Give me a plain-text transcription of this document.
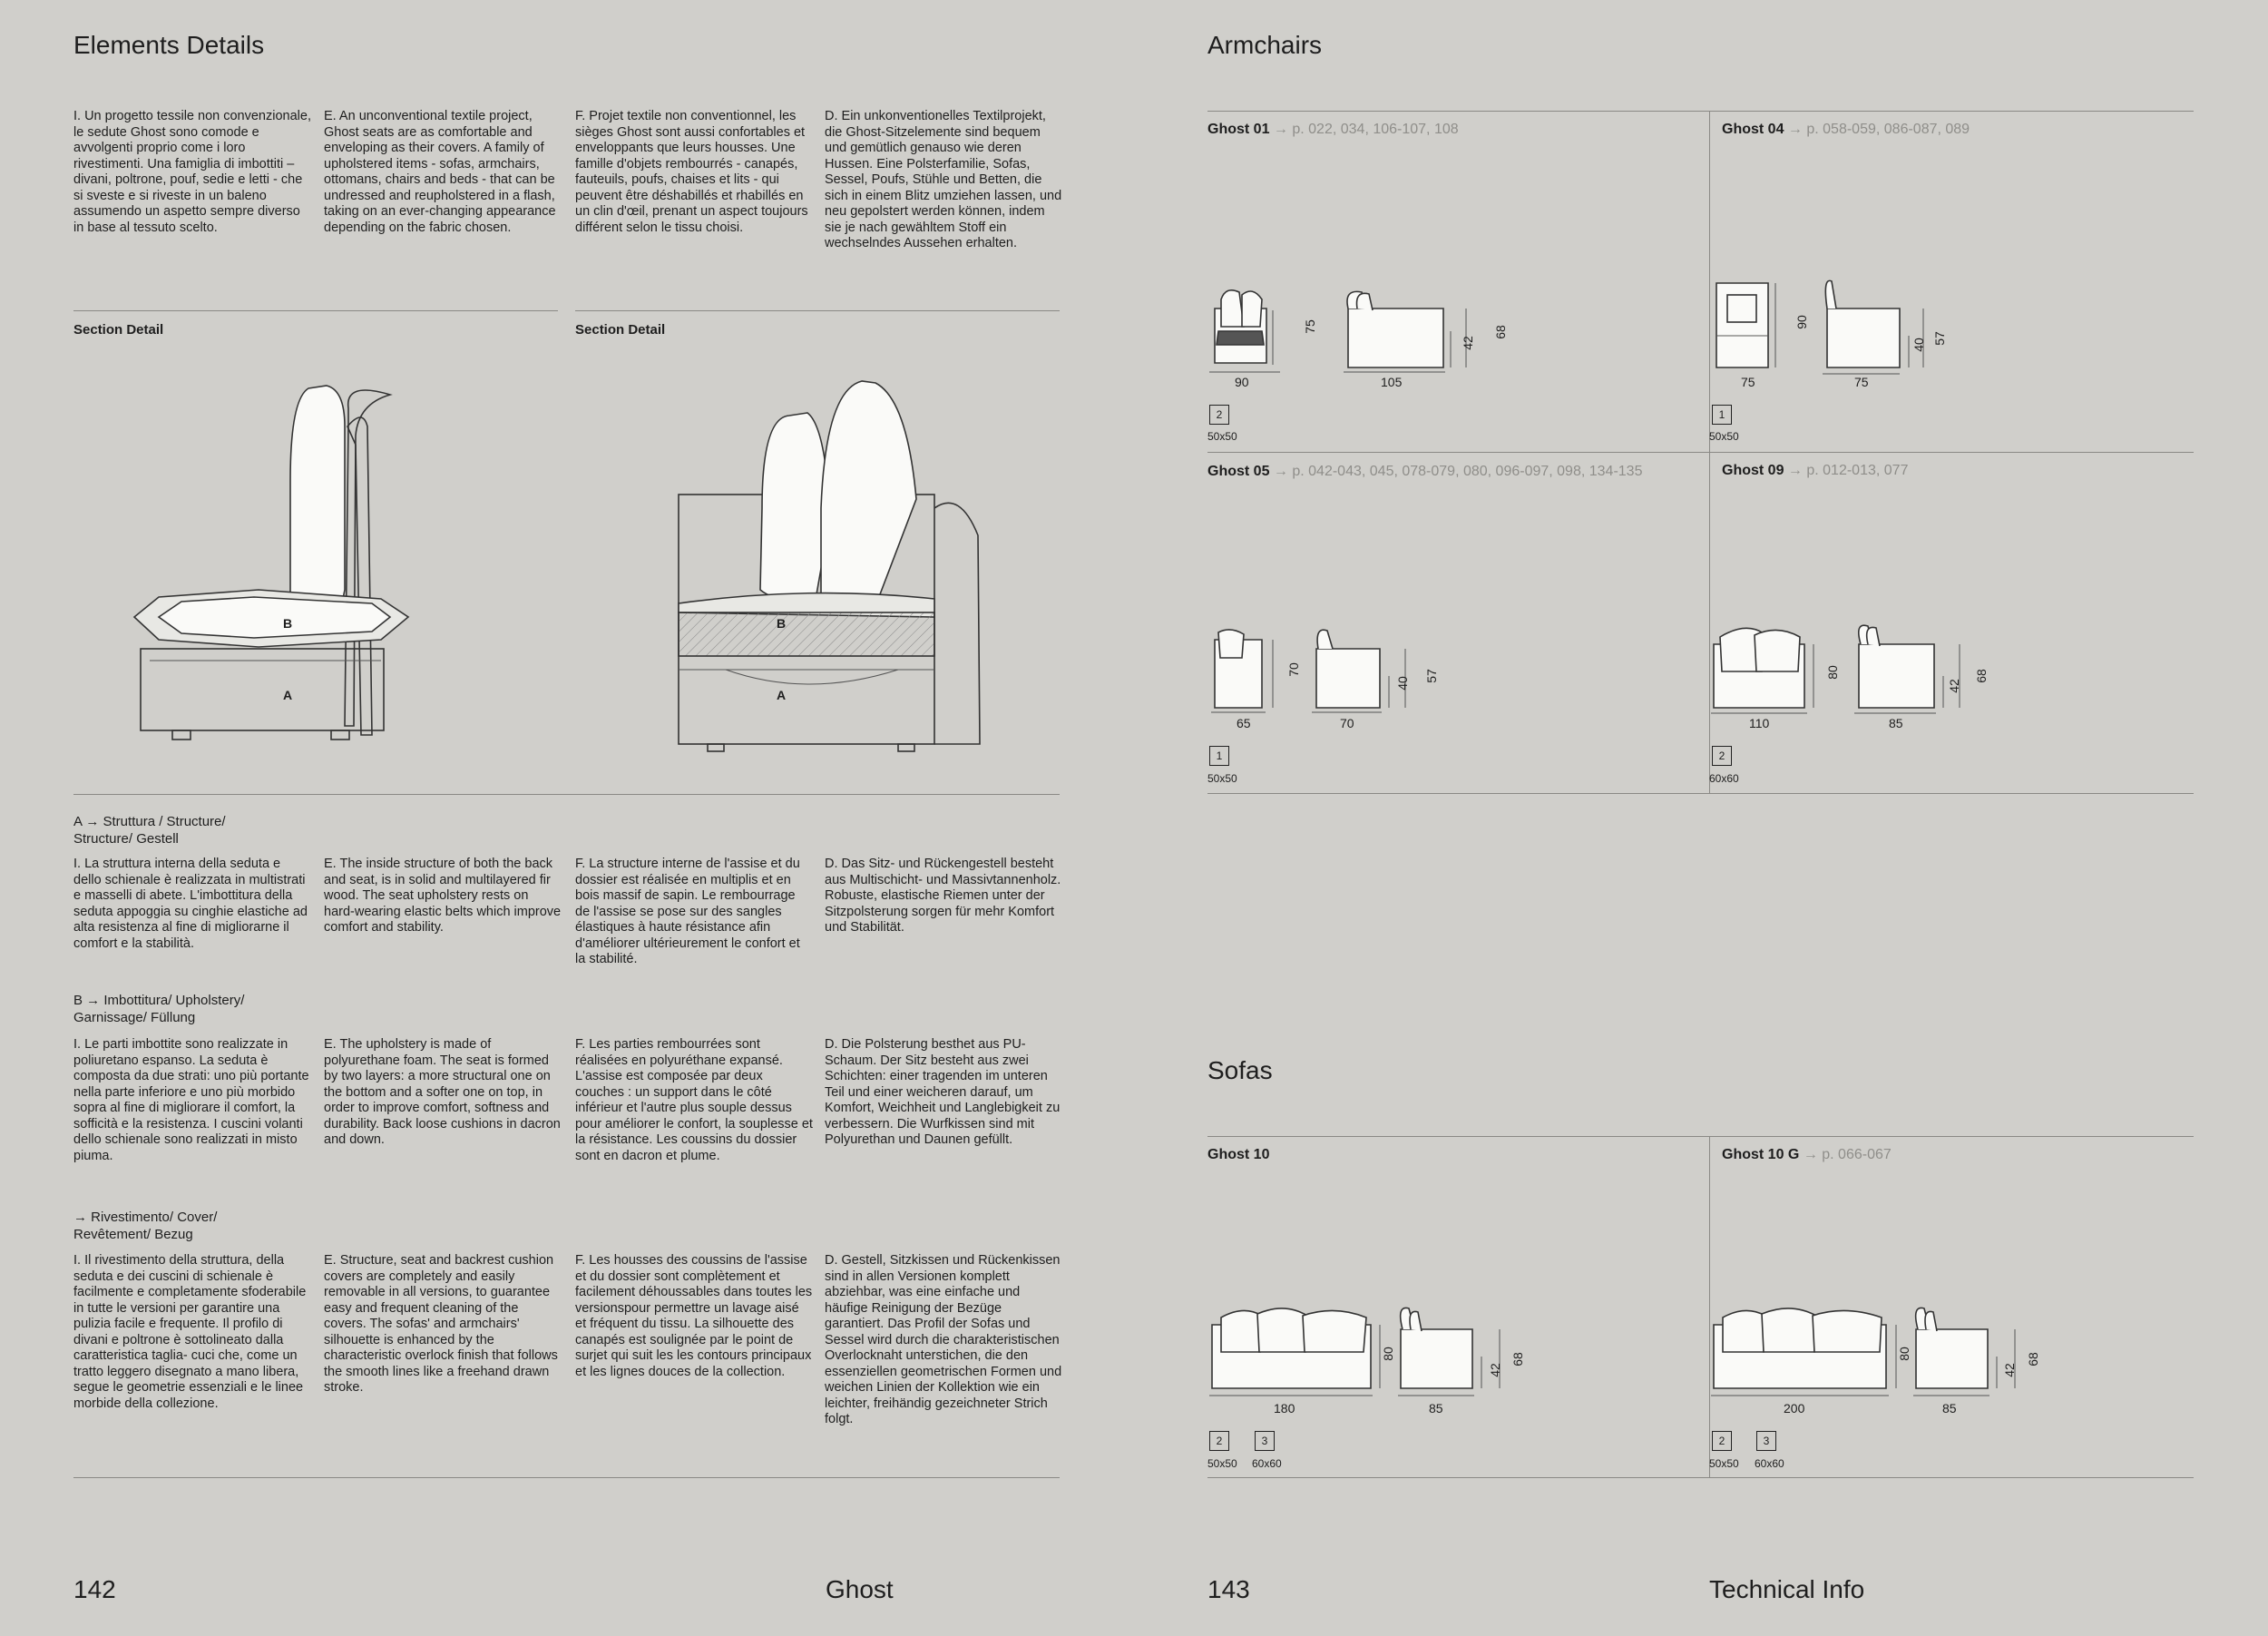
Elements Details
I. Un progetto tessile non convenzionale, le sedute Ghost sono comode e avvolgenti proprio come i loro rivestimenti. Una famiglia di imbottiti – divani, poltrone, pouf, sedie e letti - che si sveste e si riveste in un baleno assumendo un aspetto sempre diverso in base al tessuto scelto.
E. An unconventional textile project, Ghost seats are as comfortable and enveloping as their covers. A family of upholstered items - sofas, armchairs, ottomans, chairs and beds - that can be undressed and reupholstered in a flash, taking on an ever-changing appearance depending on the fabric chosen.
F. Projet textile non conventionnel, les sièges Ghost sont aussi confortables et enveloppants que leurs housses. Une famille d'objets rembourrés - canapés, fauteuils, poufs, chaises et lits - qui peuvent être déshabillés et rhabillés en un clin d'œil, prenant un aspect toujours différent selon le tissu choisi.
D. Ein unkonventionelles Textilprojekt, die Ghost-Sitzelemente sind bequem und gemütlich genauso wie deren Hussen. Eine Polsterfamilie, Sofas, Sessel, Poufs, Stühle und Betten, die sich in einem Blitz umziehen lassen, und neu gepolstert werden können, indem sie je nach gewähltem Stoff ein wechselndes Aussehen erhalten.
Section Detail	Section Detail
B
A
B
A
A → Struttura / Structure/ Structure/ Gestell
I. La struttura interna della seduta e dello schienale è realizzata in multistrati e masselli di abete. L'imbottitura della seduta appoggia su cinghie elastiche ad alta resistenza al fine di migliorarne il comfort e la stabilità.
E. The inside structure of both the back and seat, is in solid and multilayered fir wood. The seat upholstery rests on hard-wearing elastic belts which improve comfort and stability.
F. La structure interne de l'assise et du dossier est réalisée en multiplis et en bois massif de sapin. Le rembourrage de l'assise se pose sur des sangles élastiques à haute résistance afin d'améliorer ultérieurement le confort et la stabilité.
D. Das Sitz- und Rückengestell besteht aus Multischicht- und Massivtannenholz. Robuste, elastische Riemen unter der Sitzpolsterung sorgen für mehr Komfort und Stabilität.
B → Imbottitura/ Upholstery/ Garnissage/ Füllung
I. Le parti imbottite sono realizzate in poliuretano espanso. La seduta è composta da due strati: uno più portante nella parte inferiore e uno più morbido sopra al fine di migliorare il comfort, la sofficità e la resistenza. I cuscini volanti dello schienale sono realizzati in misto piuma.
E. The upholstery is made of polyurethane foam. The seat is formed by two layers: a more structural one on the bottom and a softer one on top, in order to improve comfort, softness and durability. Back loose cushions in dacron and down.
F. Les parties rembourrées sont réalisées en polyuréthane expansé. L'assise est composée par deux couches : un support dans le côté inférieur et l'autre plus souple dessus pour améliorer le confort, la souplesse et la résistance. Les coussins du dossier sont en dacron et plume.
D. Die Polsterung besthet aus PU-Schaum. Der Sitz besteht aus zwei Schichten: einer tragenden im unteren Teil und einer weicheren darauf, um Komfort, Weichheit und Langlebigkeit zu verbessern. Die Wurfkissen sind mit Polyurethan und Daunen gefüllt.
→ Rivestimento/ Cover/ Revêtement/ Bezug
I. Il rivestimento della struttura, della seduta e dei cuscini di schienale è facilmente e completamente sfoderabile in tutte le versioni per garantire una pulizia facile e frequente. Il profilo di divani e poltrone è sottolineato dalla caratteristica taglia- cuci che, come un tratto leggero disegnato a mano libera, segue le geometrie essenziali e le linee morbide della collezione.
E. Structure, seat and backrest cushion covers are completely and easily removable in all versions, to guarantee easy and frequent cleaning of the covers. The sofas' and armchairs' silhouette is enhanced by the characteristic overlock finish that follows the smooth lines like a freehand drawn stroke.
F. Les housses des coussins de l'assise et du dossier sont complètement et facilement déhoussables dans toutes les versionspour permettre un lavage aisé et fréquent du tissu. La silhouette des canapés est soulignée par le point de surjet qui suit les les contours principaux et les lignes douces de la collection.
D. Gestell, Sitzkissen und Rückenkissen sind in allen Versionen komplett abziehbar, was eine einfache und häufige Reinigung der Bezüge garantiert. Das Profil der Sofas und Sessel wird durch die charakteristischen Overlocknaht unterstichen, die den essenziellen geometrischen Formen und weichen Linien der Kollektion wie ein leichter, freihändig gezeichneter Strich folgt.
142	Ghost
Armchairs
Ghost 01 → p. 022, 034, 106-107, 108
90
75
105
42
68
2
50x50
Ghost 04 → p. 058-059, 086-087, 089
75
90
75
40 57
1
50x50
Ghost 05 → p. 042-043, 045, 078-079, 080, 096-097, 098, 134-135
65
70
70
40
57
1
50x50
Ghost 09 → p. 012-013, 077
110
80
85
42
68
2
60x60
Sofas
Ghost 10
180
80
85
42
68
2	3
50x50 60x60
Ghost 10 G → p. 066-067
200
80
85
42
68
2	3
50x50 60x60
143	Technical Info
